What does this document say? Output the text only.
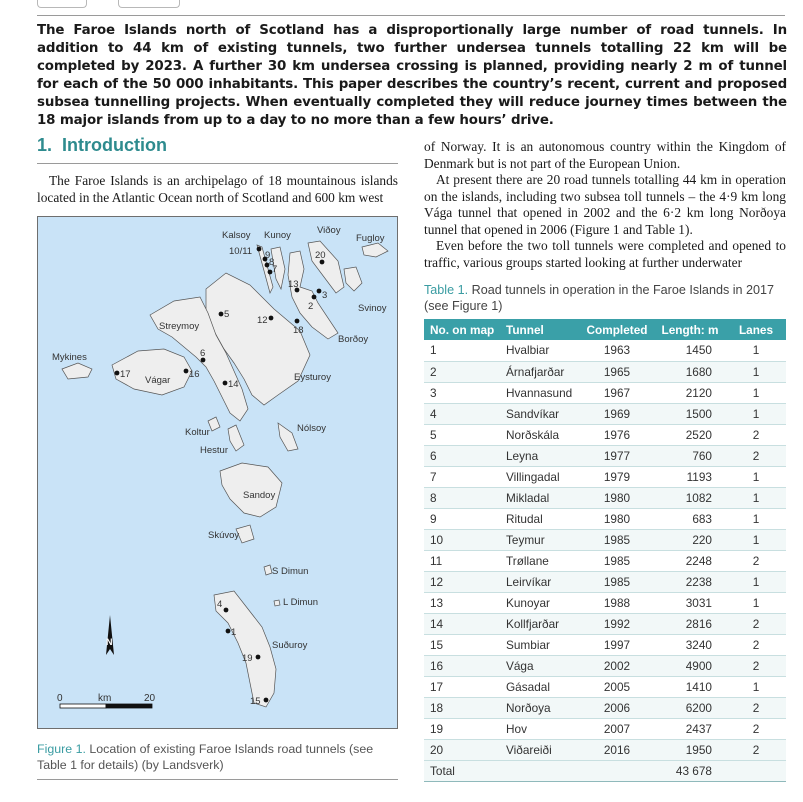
The Faroe Islands north of Scotland has a disproportionally large number of road tunnels. In addition to 44 km of existing tunnels, two further undersea tunnels totalling 22 km will be completed by 2023. A further 30 km undersea crossing is planned, providing nearly 2 m of tunnel for each of the 50 000 inhabitants. This paper describes the country’s recent, current and proposed subsea tunnelling projects. When eventually completed they will reduce journey times between the 18 major islands from up to a day to no more than a few hours’ drive.

1. Introduction

The Faroe Islands is an archipelago of 18 mountainous islands located in the Atlantic Ocean north of Scotland and 600 km west

of Norway. It is an autonomous country within the Kingdom of Denmark but is not part of the European Union.

At present there are 20 road tunnels totalling 44 km in operation on the islands, including two subsea toll tunnels – the 4·9 km long Vága tunnel that opened in 2002 and the 6·2 km long Norðoya tunnel that opened in 2006 (Figure 1 and Table 1).

Even before the two toll tunnels were completed and opened to traffic, various groups started looking at further underwater

Kalsoy Kunoy	Viðoy
Fugloy
Svinoy
Borðoy
Streymoy
Mykines
Vágar	Eysturoy
Koltur
Hestur
Nólsoy
Sandoy
Skúvoy
S Dimun
L Dimun
Suðuroy
10/11 9
8
7
20
13
3
2
5
12
18
6
16
17
14
4
1
19
15
N
0	km	20

Figure 1. Location of existing Faroe Islands road tunnels (see Table 1 for details) (by Landsverk)

Table 1. Road tunnels in operation in the Faroe Islands in 2017 (see Figure 1)

No. on map	Tunnel	Completed	Length: m	Lanes
1	Hvalbiar	1963	1450	1
2	Árnafjarðar	1965	1680	1
3	Hvannasund	1967	2120	1
4	Sandvíkar	1969	1500	1
5	Norðskála	1976	2520	2
6	Leyna	1977	760	2
7	Villingadal	1979	1193	1
8	Mikladal	1980	1082	1
9	Ritudal	1980	683	1
10	Teymur	1985	220	1
11	Trøllane	1985	2248	2
12	Leirvíkar	1985	2238	1
13	Kunoyar	1988	3031	1
14	Kollfjarðar	1992	2816	2
15	Sumbiar	1997	3240	2
16	Vága	2002	4900	2
17	Gásadal	2005	1410	1
18	Norðoya	2006	6200	2
19	Hov	2007	2437	2
20	Viðareiði	2016	1950	2
Total			43 678	
